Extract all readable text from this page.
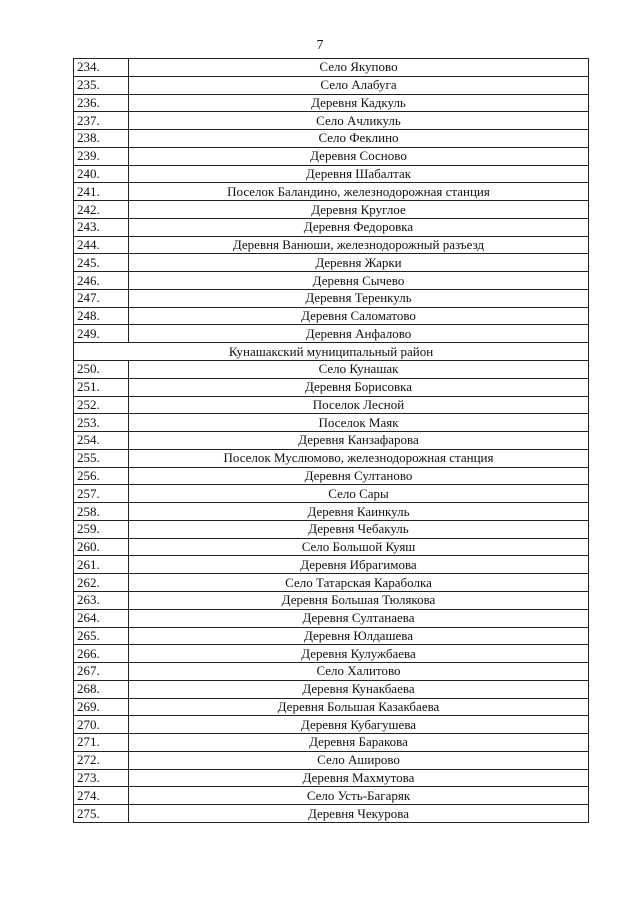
7
234.	Село Якупово
235.	Село Алабуга
236.	Деревня Кадкуль
237.	Село Ачликуль
238.	Село Феклино
239.	Деревня Сосново
240.	Деревня Шабалтак
241.	Поселок Баландино, железнодорожная станция
242.	Деревня Круглое
243.	Деревня Федоровка
244.	Деревня Ванюши, железнодорожный разъезд
245.	Деревня Жарки
246.	Деревня Сычево
247.	Деревня Теренкуль
248.	Деревня Саломатово
249.	Деревня Анфалово
Кунашакский муниципальный район	
250.	Село Кунашак
251.	Деревня Борисовка
252.	Поселок Лесной
253.	Поселок Маяк
254.	Деревня Канзафарова
255.	Поселок Муслюмово, железнодорожная станция
256.	Деревня Султаново
257.	Село Сары
258.	Деревня Каинкуль
259.	Деревня Чебакуль
260.	Село Большой Куяш
261.	Деревня Ибрагимова
262.	Село Татарская Караболка
263.	Деревня Большая Тюлякова
264.	Деревня Султанаева
265.	Деревня Юлдашева
266.	Деревня Кулужбаева
267.	Село Халитово
268.	Деревня Кунакбаева
269.	Деревня Большая Казакбаева
270.	Деревня Кубагушева
271.	Деревня Баракова
272.	Село Аширово
273.	Деревня Махмутова
274.	Село Усть-Багаряк
275.	Деревня Чекурова
